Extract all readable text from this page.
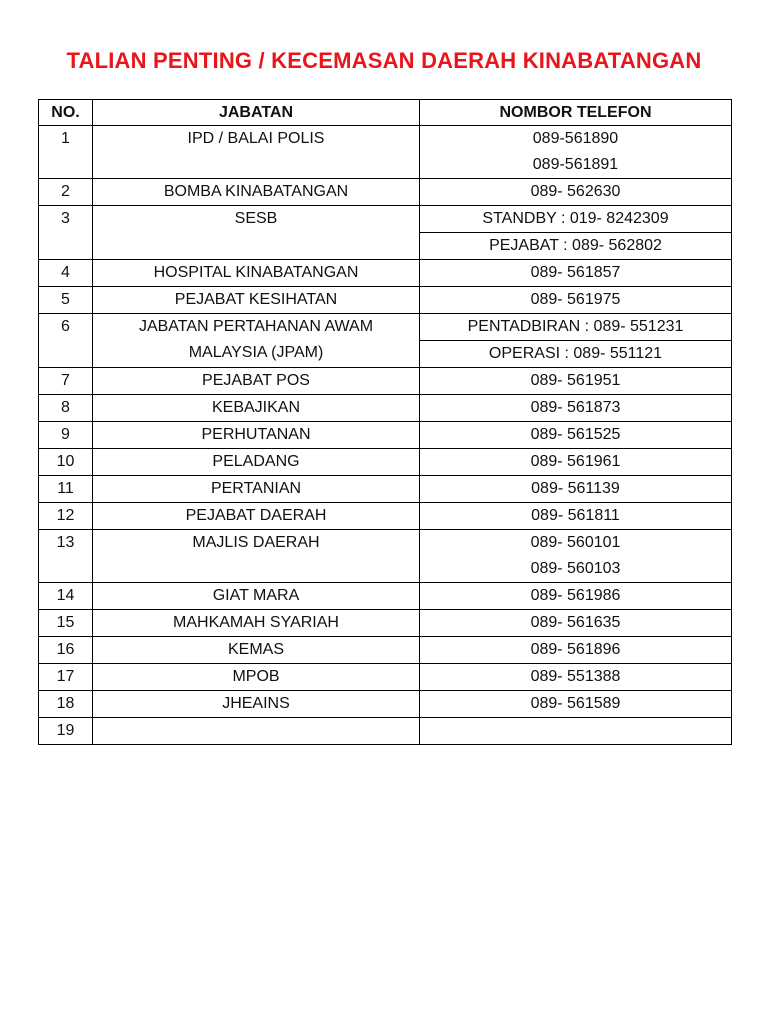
TALIAN PENTING / KECEMASAN DAERAH KINABATANGAN
NO.	JABATAN	NOMBOR TELEFON
1	IPD / BALAI POLIS	089-561890
089-561891

2	BOMBA KINABATANGAN	089- 562630

3	SESB	STANDBY : 019- 8242309
PEJABAT : 089- 562802

4	HOSPITAL KINABATANGAN	089- 561857

5	PEJABAT KESIHATAN	089- 561975

6	JABATAN PERTAHANAN AWAM
MALAYSIA (JPAM)	PENTADBIRAN : 089- 551231
OPERASI : 089- 551121

7	PEJABAT POS	089- 561951

8	KEBAJIKAN	089- 561873

9	PERHUTANAN	089- 561525

10	PELADANG	089- 561961

11	PERTANIAN	089- 561139

12	PEJABAT DAERAH	089- 561811

13	MAJLIS DAERAH	089- 560101
089- 560103

14	GIAT MARA	089- 561986

15	MAHKAMAH SYARIAH	089- 561635

16	KEMAS	089- 561896

17	MPOB	089- 551388

18	JHEAINS	089- 561589

19	
